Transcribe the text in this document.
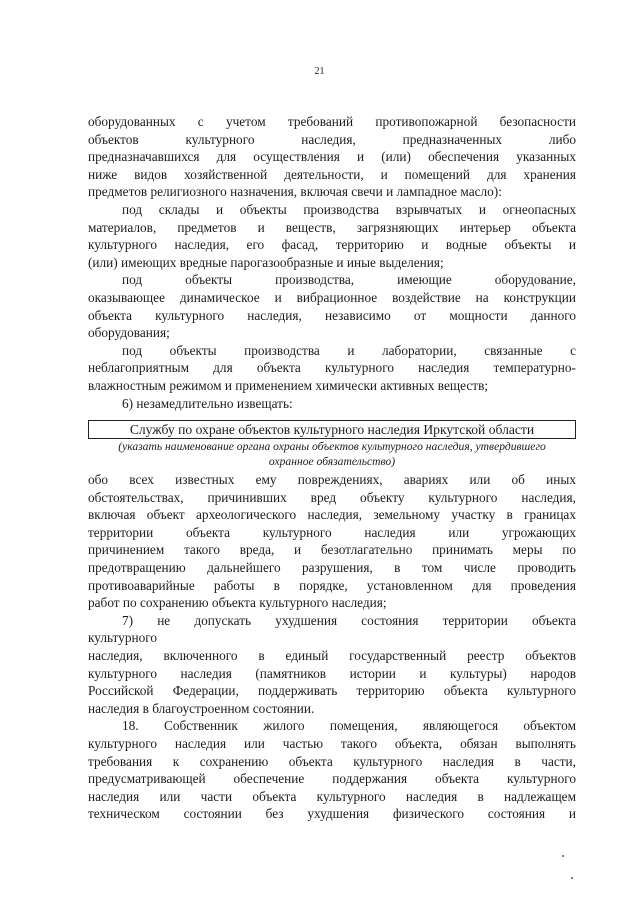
21
оборудованных с учетом требований противопожарной безопасности
объектов культурного наследия, предназначенных либо
предназначавшихся для осуществления и (или) обеспечения указанных
ниже видов хозяйственной деятельности, и помещений для хранения
предметов религиозного назначения, включая свечи и лампадное масло):
под склады и объекты производства взрывчатых и огнеопасных
материалов, предметов и веществ, загрязняющих интерьер объекта
культурного наследия, его фасад, территорию и водные объекты и
(или) имеющих вредные парогазообразные и иные выделения;
под объекты производства, имеющие оборудование,
оказывающее динамическое и вибрационное воздействие на конструкции
объекта культурного наследия, независимо от мощности данного
оборудования;
под объекты производства и лаборатории, связанные с
неблагоприятным для объекта культурного наследия температурно-
влажностным режимом и применением химически активных веществ;
6) незамедлительно извещать:
Службу по охране объектов культурного наследия Иркутской области
(указать наименование органа охраны объектов культурного наследия, утвердившего
охранное обязательство)
обо всех известных ему повреждениях, авариях или об иных
обстоятельствах, причинивших вред объекту культурного наследия,
включая объект археологического наследия, земельному участку в границах
территории объекта культурного наследия или угрожающих
причинением такого вреда, и безотлагательно принимать меры по
предотвращению дальнейшего разрушения, в том числе проводить
противоаварийные работы в порядке, установленном для проведения
работ по сохранению объекта культурного наследия;
7) не допускать ухудшения состояния территории объекта
культурного
наследия, включенного в единый государственный реестр объектов
культурного наследия (памятников истории и культуры) народов
Российской Федерации, поддерживать территорию объекта культурного
наследия в благоустроенном состоянии.
18. Собственник жилого помещения, являющегося объектом
культурного наследия или частью такого объекта, обязан выполнять
требования к сохранению объекта культурного наследия в части,
предусматривающей обеспечение поддержания объекта культурного
наследия или части объекта культурного наследия в надлежащем
техническом состоянии без ухудшения физического состояния и
